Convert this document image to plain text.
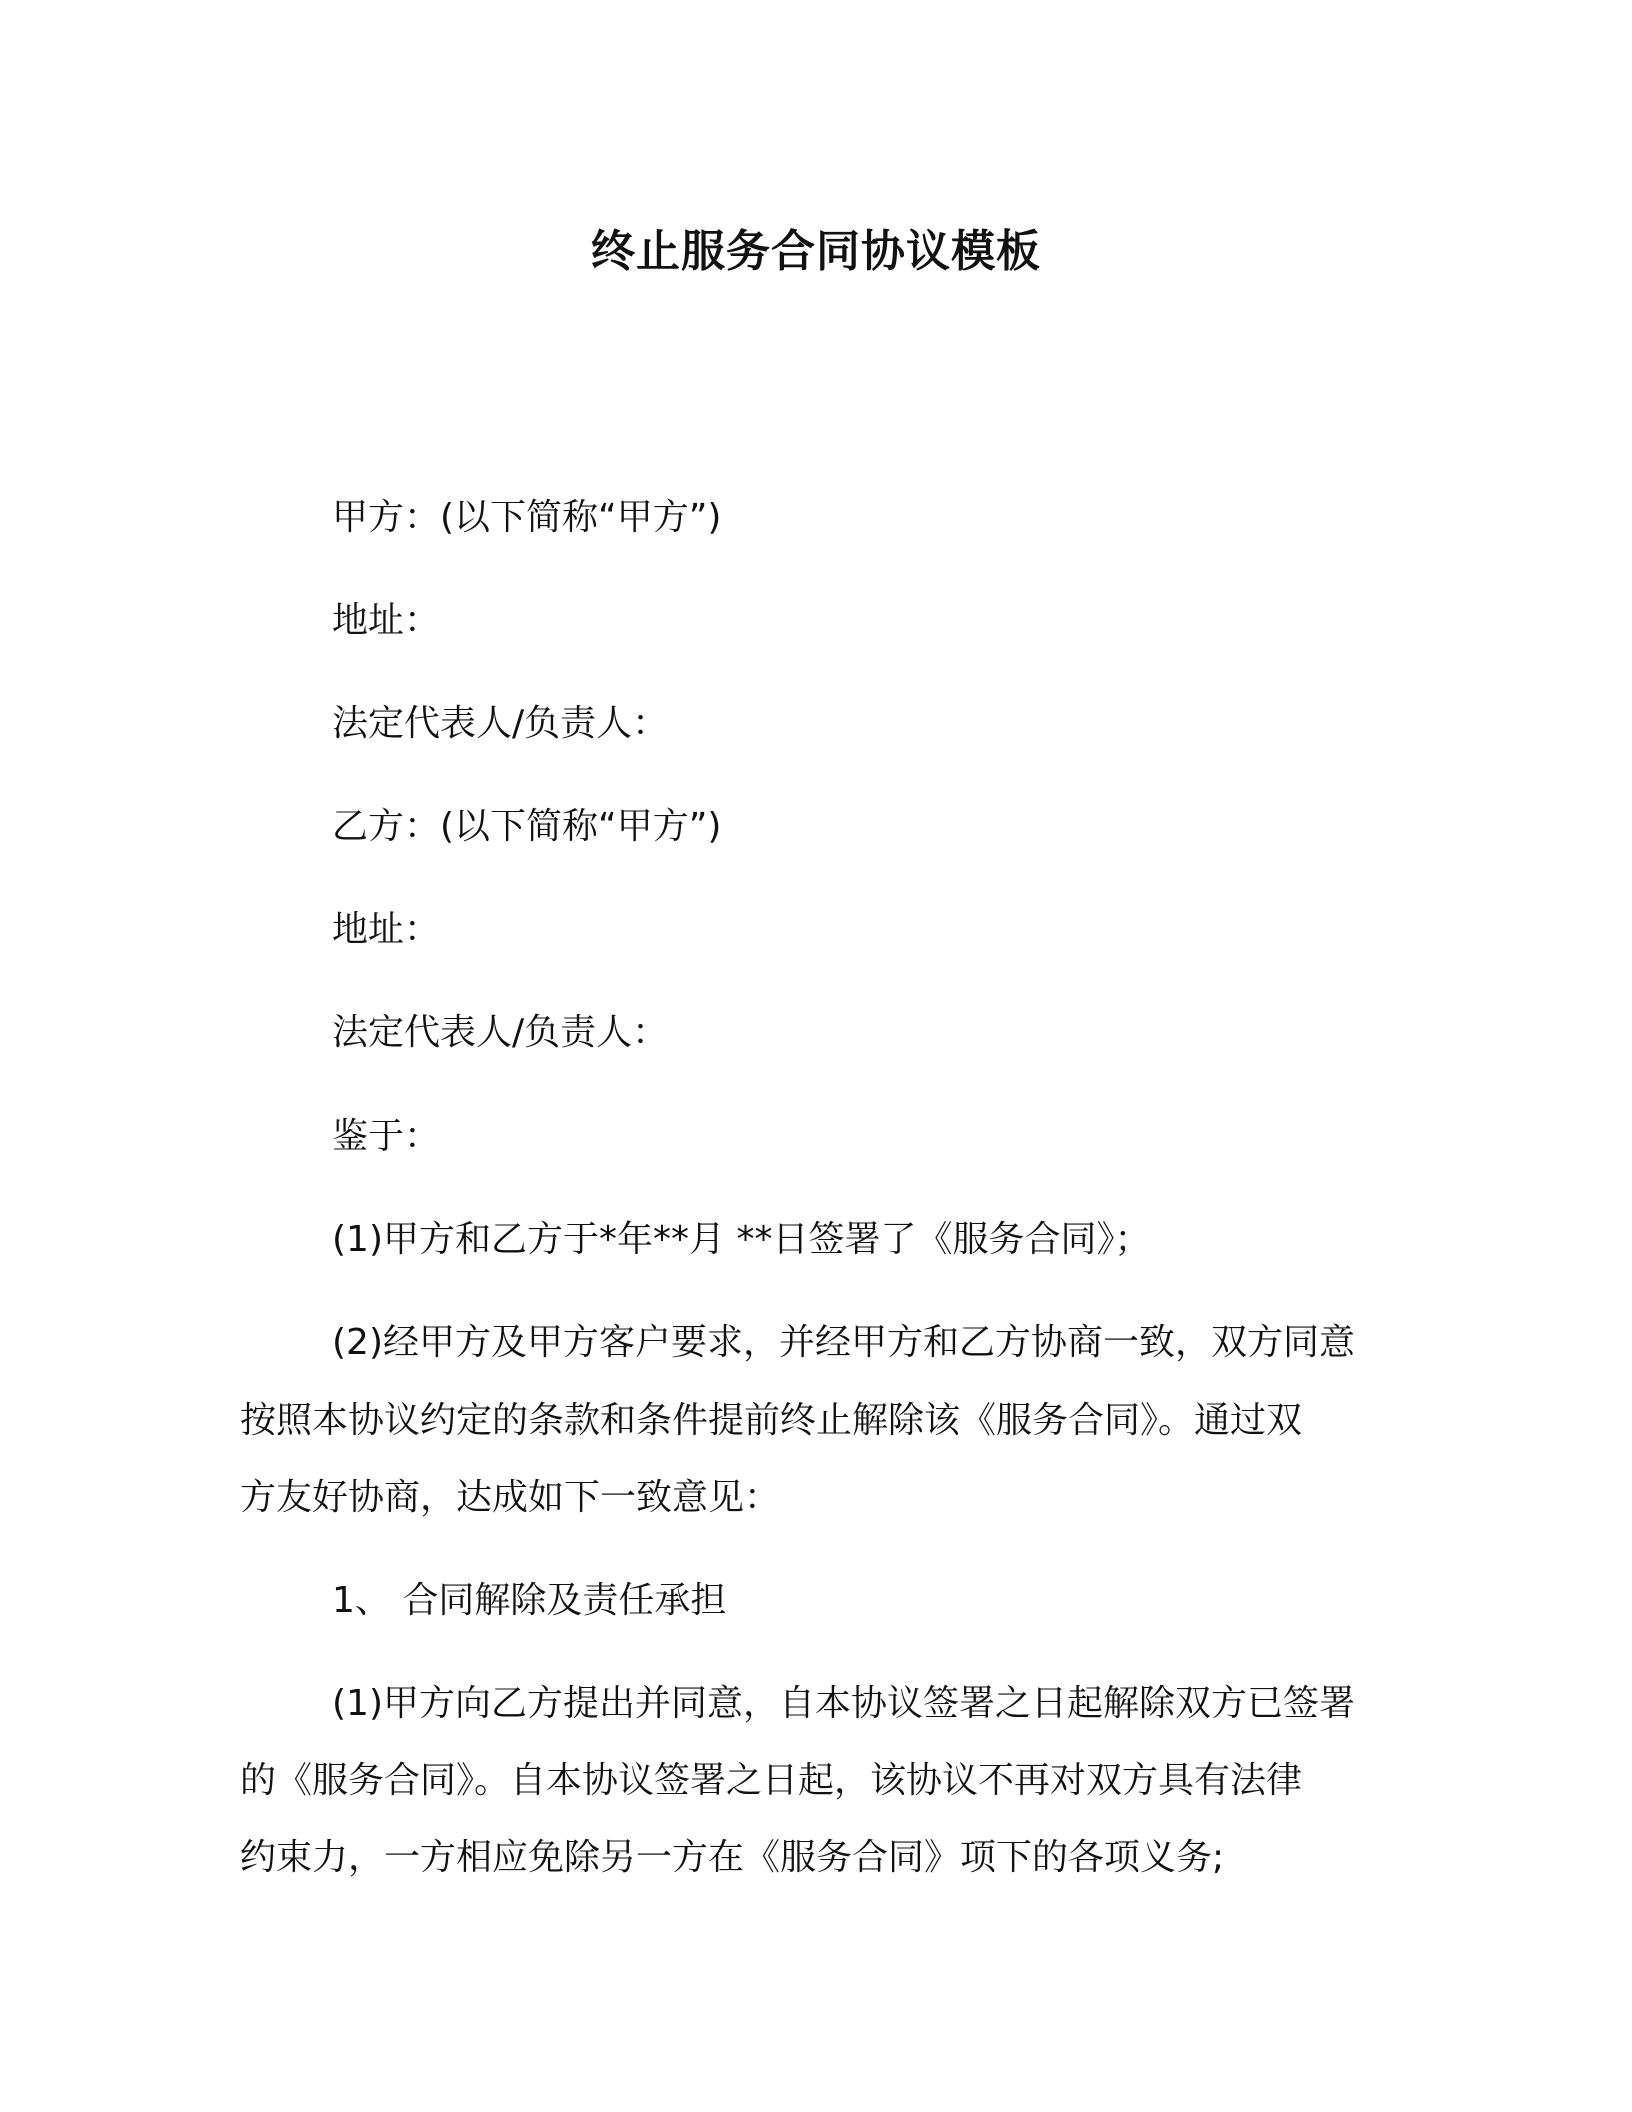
终止服务合同协议模板
甲方：(以下简称“甲方”)
地址：
法定代表人/负责人：
乙方：(以下简称“甲方”)
地址：
法定代表人/负责人：
鉴于：
(1)甲方和乙方于*年**月 **日签署了《服务合同》；
(2)经甲方及甲方客户要求，并经甲方和乙方协商一致，双方同意
按照本协议约定的条款和条件提前终止解除该《服务合同》。通过双
方友好协商，达成如下一致意见：
1、 合同解除及责任承担
(1)甲方向乙方提出并同意，自本协议签署之日起解除双方已签署
的《服务合同》。自本协议签署之日起，该协议不再对双方具有法律
约束力，一方相应免除另一方在《服务合同》项下的各项义务;
